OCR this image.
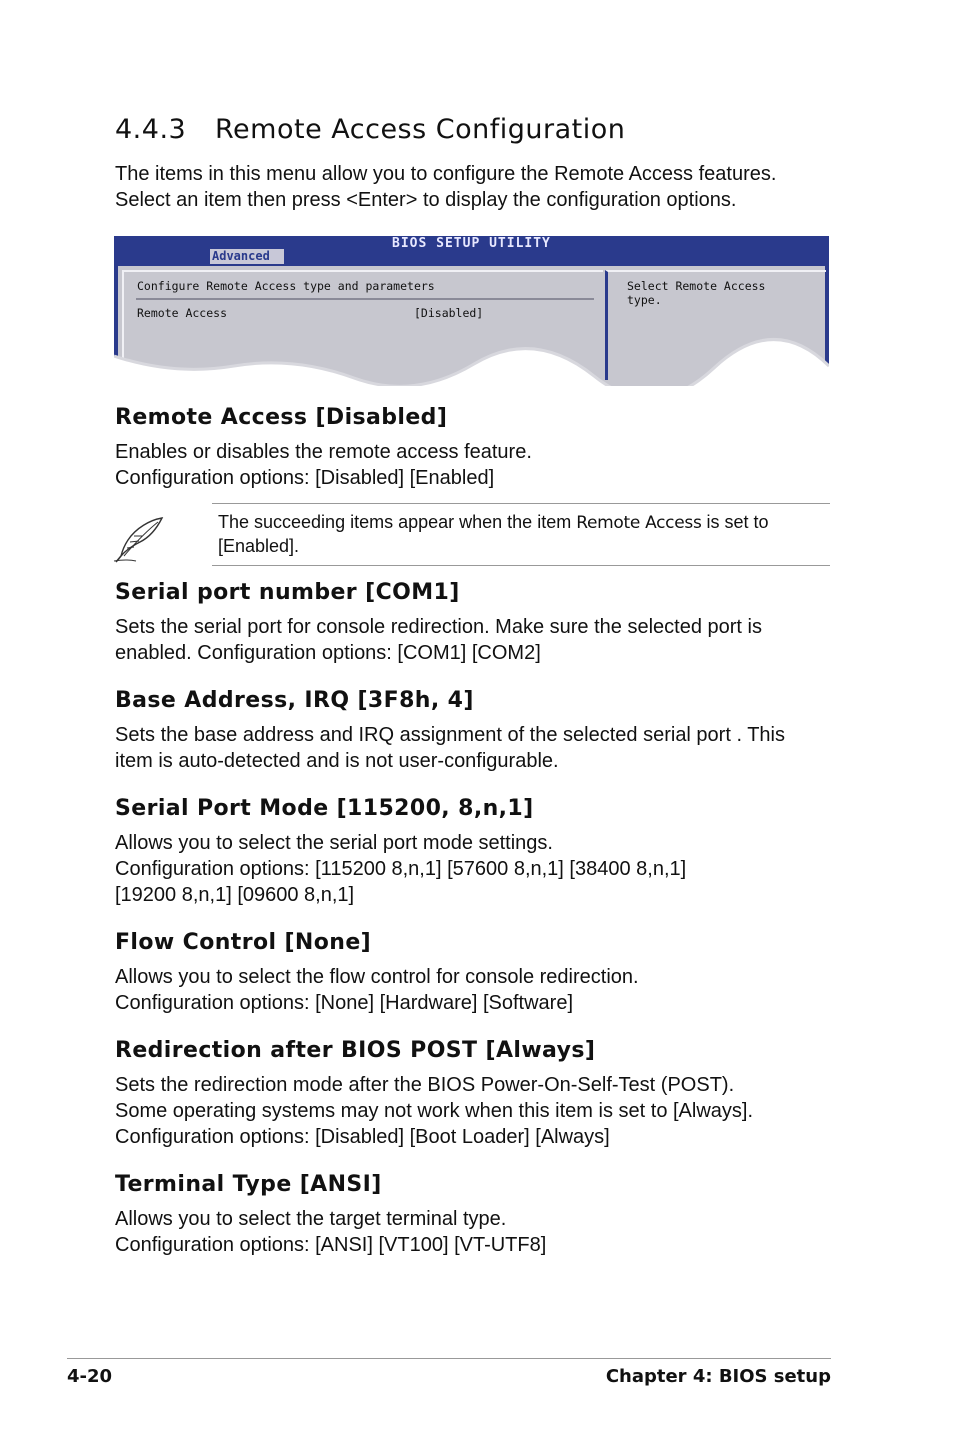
4.4.3 Remote Access Configuration

The items in this menu allow you to configure the Remote Access features.
Select an item then press <Enter> to display the configuration options.

BIOS SETUP UTILITY
Advanced
Configure Remote Access type and parameters
Remote Access	[Disabled]
Select Remote Access
type.
Remote Access [Disabled]

Enables or disables the remote access feature.
Configuration options: [Disabled] [Enabled]

The succeeding items appear when the item Remote Access is set to
[Enabled].

Serial port number [COM1]

Sets the serial port for console redirection. Make sure the selected port is
enabled. Configuration options: [COM1] [COM2]

Base Address, IRQ [3F8h, 4]

Sets the base address and IRQ assignment of the selected serial port . This
item is auto-detected and is not user-configurable.

Serial Port Mode [115200, 8,n,1]

Allows you to select the serial port mode settings.
Configuration options: [115200 8,n,1] [57600 8,n,1] [38400 8,n,1]
[19200 8,n,1] [09600 8,n,1]

Flow Control [None]

Allows you to select the flow control for console redirection.
Configuration options: [None] [Hardware] [Software]

Redirection after BIOS POST [Always]

Sets the redirection mode after the BIOS Power-On-Self-Test (POST).
Some operating systems may not work when this item is set to [Always].
Configuration options: [Disabled] [Boot Loader] [Always]

Terminal Type [ANSI]

Allows you to select the target terminal type.
Configuration options: [ANSI] [VT100] [VT-UTF8]

4-20	Chapter 4: BIOS setup
